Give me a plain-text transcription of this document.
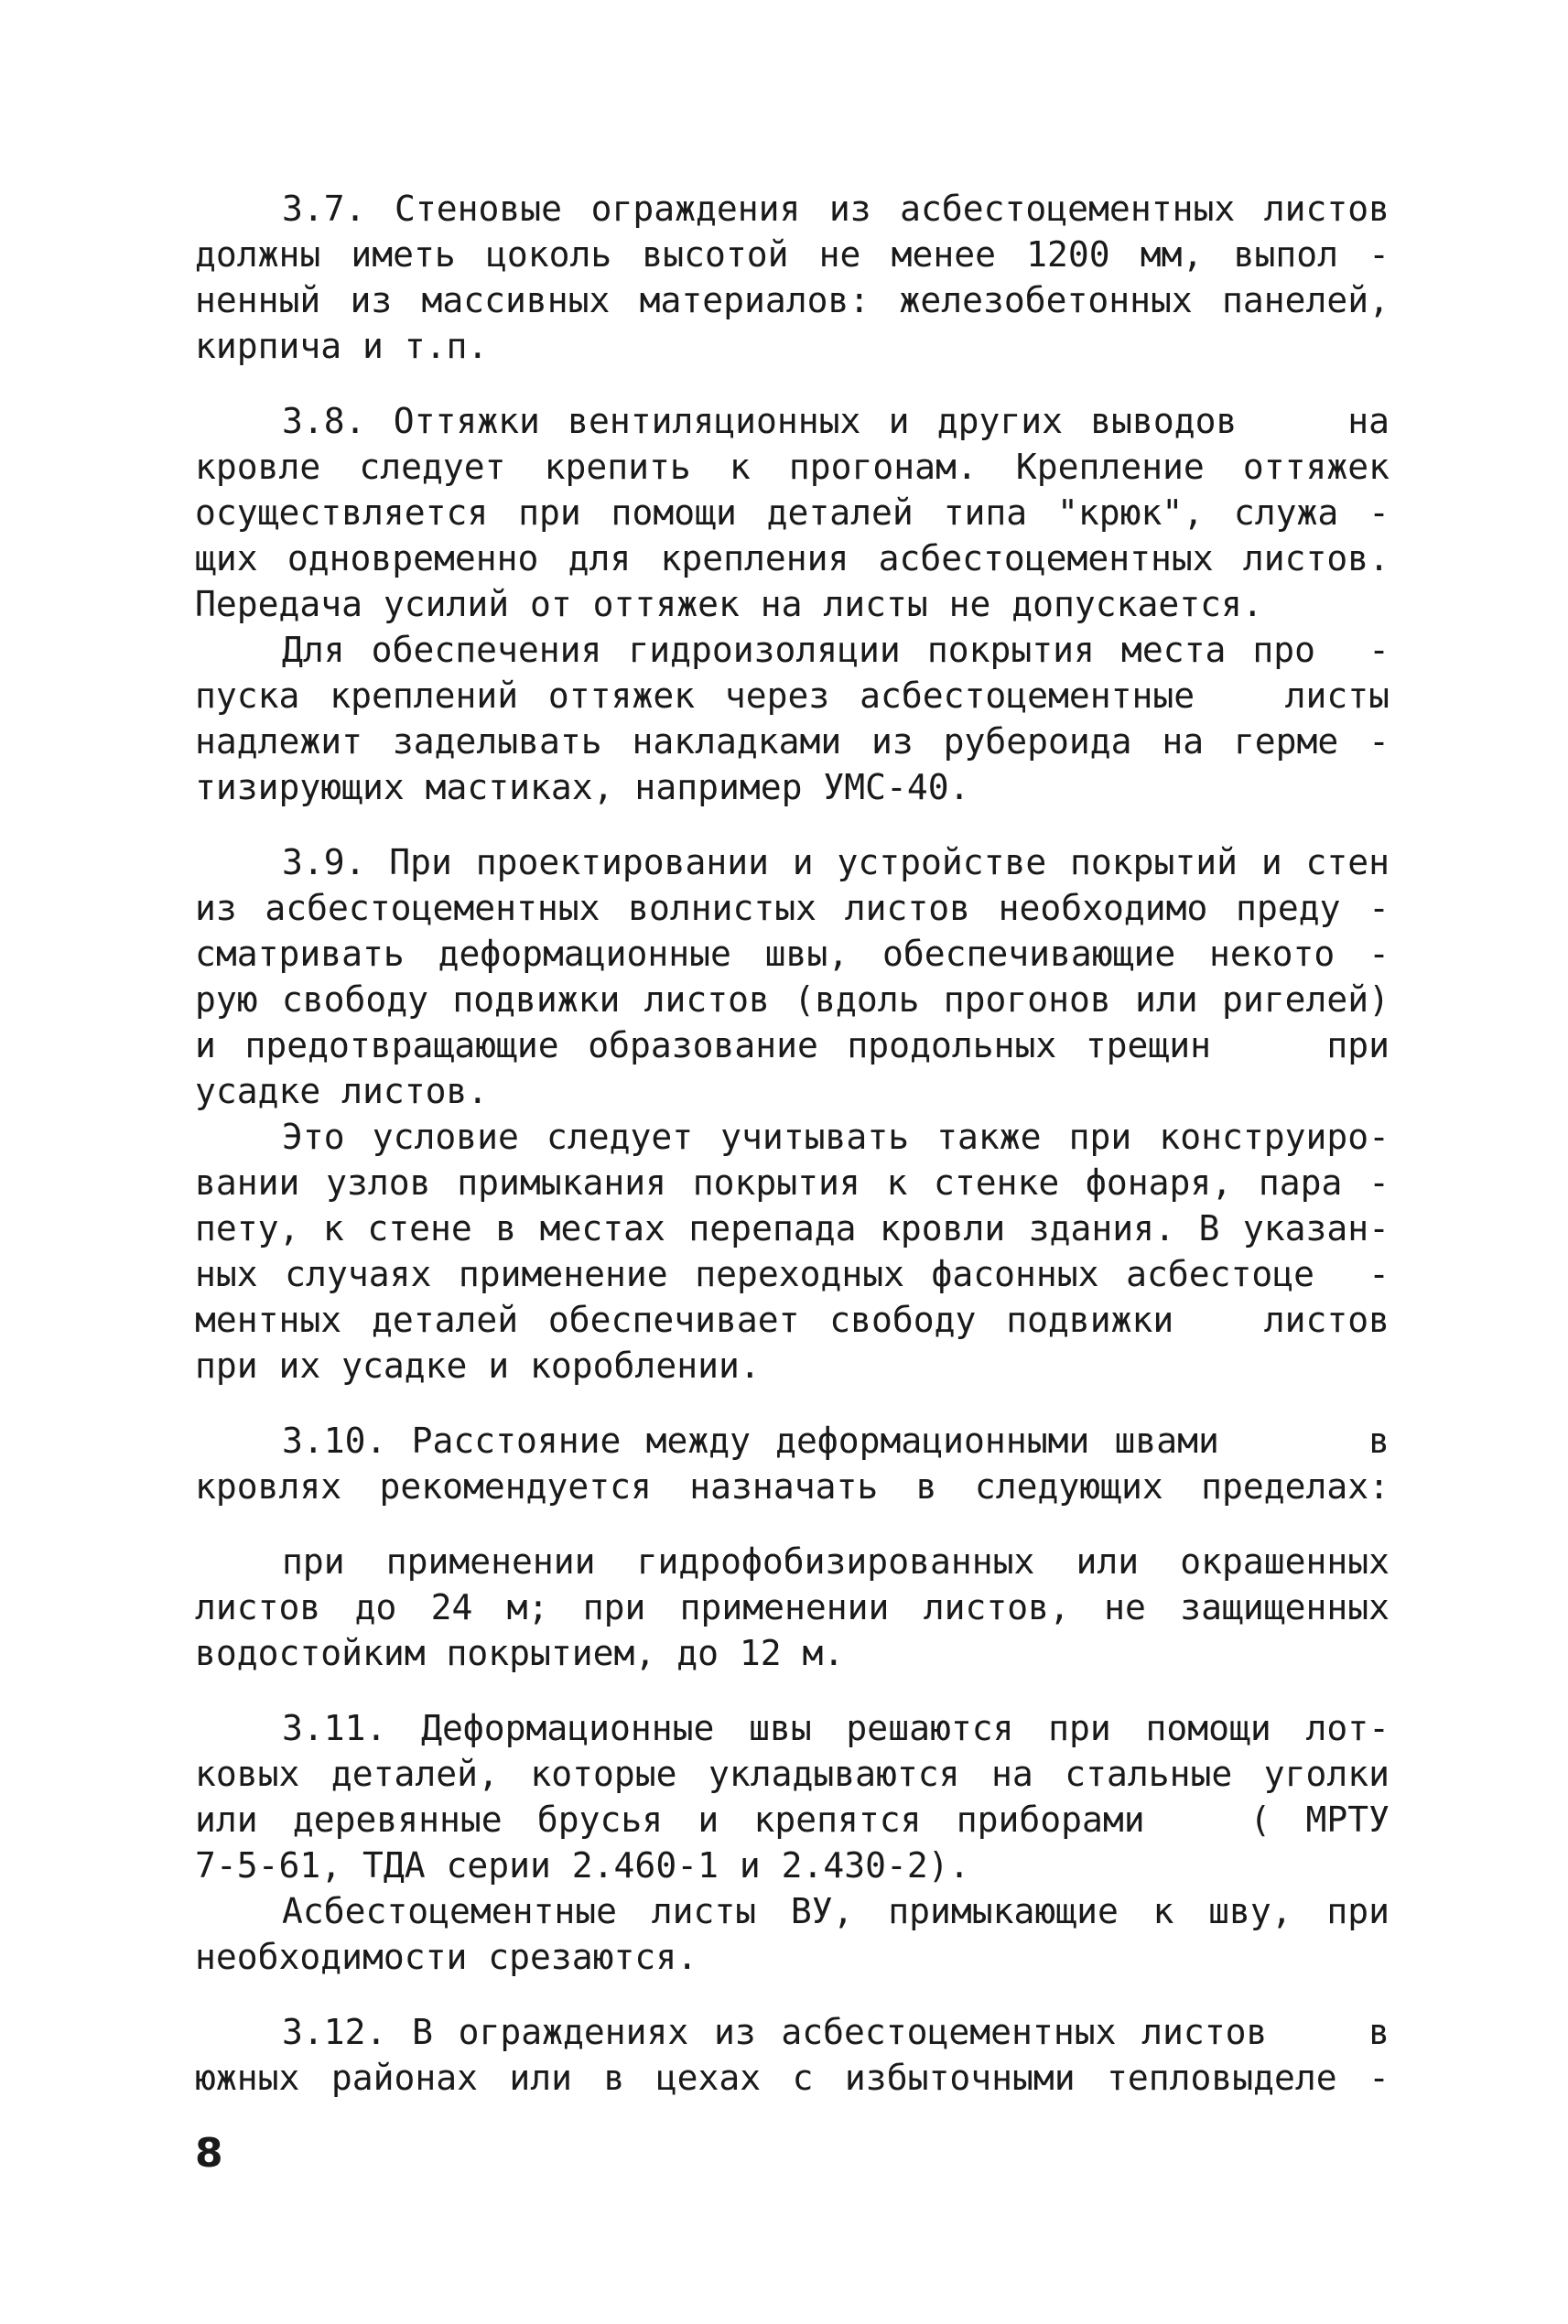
3.7. Стеновые ограждения из асбестоцементных листов
должны иметь цоколь высотой не менее 1200 мм, выпол -
ненный из массивных материалов: железобетонных панелей,
кирпича и т.п.
3.8. Оттяжки вентиляционных и других выводов    на
кровле следует крепить к прогонам. Крепление оттяжек
осуществляется при помощи деталей типа "крюк", служа -
щих одновременно для крепления асбестоцементных листов.
Передача усилий от оттяжек на листы не допускается.
Для обеспечения гидроизоляции покрытия места про  -
пуска креплений оттяжек через асбестоцементные   листы
надлежит заделывать накладками из рубероида на герме -
тизирующих мастиках, например УМС-40.
3.9. При проектировании и устройстве покрытий и стен
из асбестоцементных волнистых листов необходимо преду -
сматривать деформационные швы, обеспечивающие некото -
рую свободу подвижки листов (вдоль прогонов или ригелей)
и предотвращающие образование продольных трещин    при
усадке листов.
Это условие следует учитывать также при конструиро-
вании узлов примыкания покрытия к стенке фонаря, пара -
пету, к стене в местах перепада кровли здания. В указан-
ных случаях применение переходных фасонных асбестоце  -
ментных деталей обеспечивает свободу подвижки   листов
при их усадке и короблении.
3.10. Расстояние между деформационными швами      в
кровлях рекомендуется назначать в следующих пределах:
при применении гидрофобизированных или окрашенных
листов до 24 м; при применении листов, не защищенных
водостойким покрытием, до 12 м.
3.11. Деформационные швы решаются при помощи лот-
ковых деталей, которые укладываются на стальные уголки
или деревянные брусья и крепятся приборами   ( МРТУ
7-5-61, ТДА серии 2.460-1 и 2.430-2).
Асбестоцементные листы ВУ, примыкающие к шву, при
необходимости срезаются.
3.12. В ограждениях из асбестоцементных листов    в
южных районах или в цехах с избыточными тепловыделе -
8
